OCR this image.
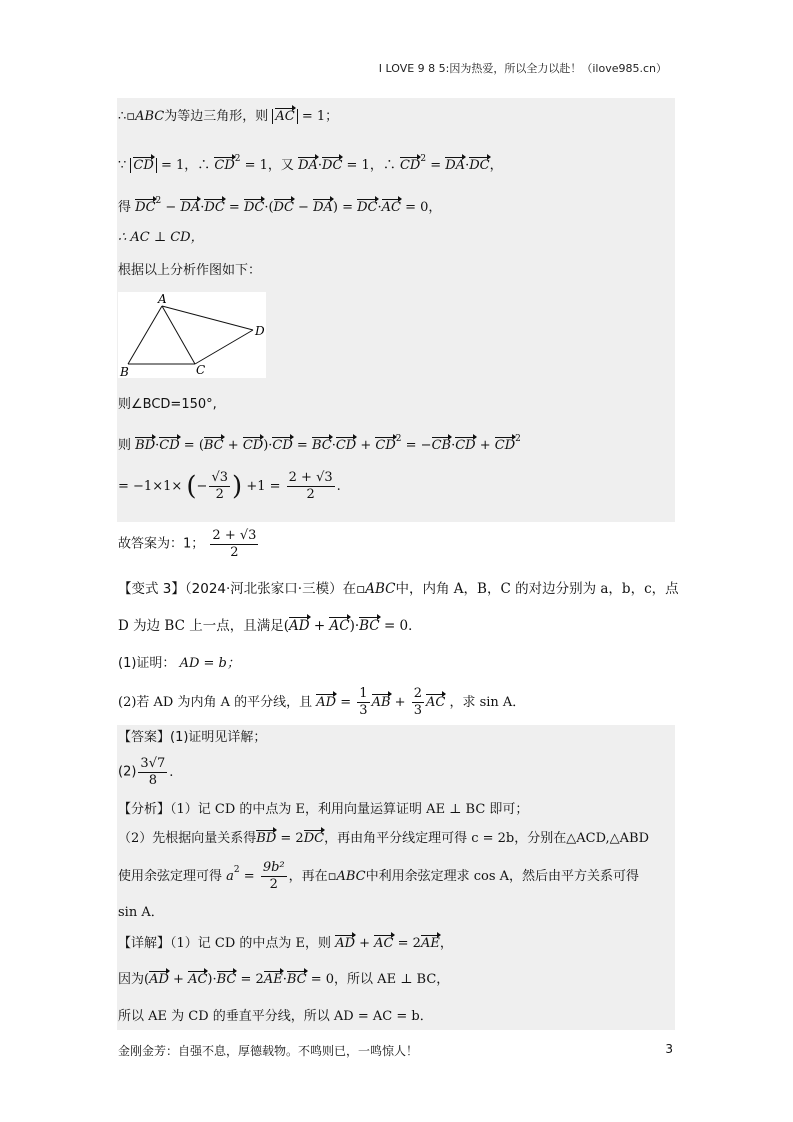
I LOVE 9 8 5:因为热爱，所以全力以赴！（ilove985.cn）
∴▫ABC为等边三角形，则 AC = 1；
∵ CD = 1，∴ $CD^2 = 1$，又 DA·DC = 1，∴ $CD^2 = DA\cdot DC$，
得 $DC^2 - DA\cdot DC = DC\cdot(DC - DA) = DC\cdot AC = 0$，
∴ AC ⊥ CD，
根据以上分析作图如下：
A
B	C
D
则∠BCD=150°,
则 $BD\cdot CD = (BC + CD)\cdot CD = BC\cdot CD + CD^2 = -CB\cdot CD + CD^2$
= −1×1× (− $\frac{√3}{2}$ ) $+1 = \frac{2 + √3}{2}$ .
故答案为：1； $\frac{2 + √3}{2}$
【变式 3】（2024·河北张家口·三模）在▫ABC中，内角 A，B，C 的对边分别为 a，b，c，点
D 为边 BC 上一点，且满足(AD + AC)·BC = 0．
(1)证明： AD = b；
(2)若 AD 为内角 A 的平分线，且 AD = $\frac{1}{3}$ AB + $\frac{2}{3}$ AC ，求 sin A．
【答案】(1)证明见详解；
$(2) \frac{3√7}{8}$ .
【分析】（1）记 CD 的中点为 E，利用向量运算证明 AE ⊥ BC 即可；
（2）先根据向量关系得BD = 2DC，再由角平分线定理可得 c = 2b，分别在△ACD,△ABD
使用余弦定理可得 $a^2 = \frac{\text{9b²}}{2}$ ，再在▫ABC中利用余弦定理求 cos A，然后由平方关系可得
sin A．
【详解】（1）记 CD 的中点为 E，则 AD + AC = 2AE，
因为(AD + AC)·BC = 2AE·BC = 0，所以 AE ⊥ BC，
所以 AE 为 CD 的垂直平分线，所以 AD = AC = b．
金刚金芳：自强不息，厚德载物。不鸣则已，一鸣惊人！	3
